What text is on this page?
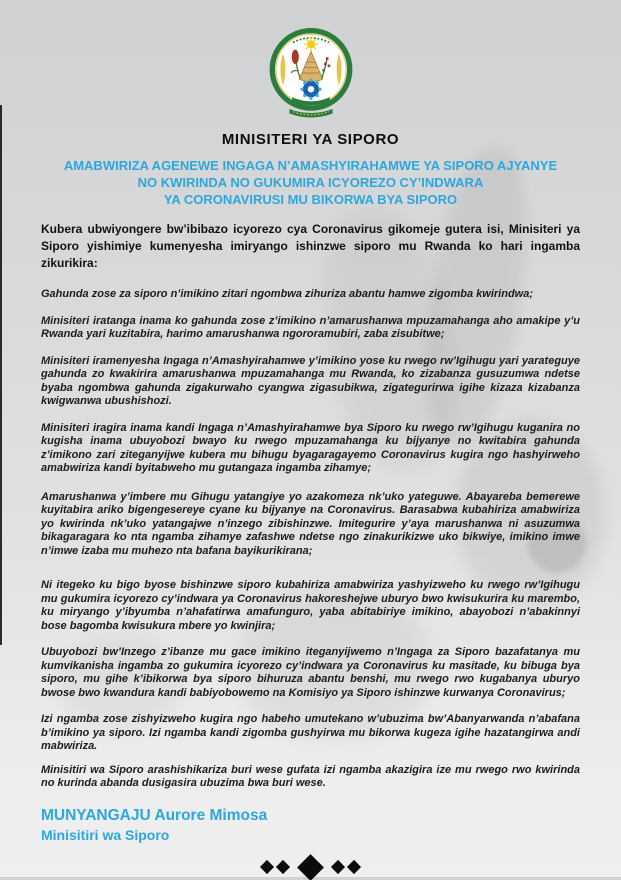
MINISITERI YA SIPORO
AMABWIRIZA AGENEWE INGAGA N’AMASHYIRAHAMWE YA SIPORO AJYANYE
NO KWIRINDA NO GUKUMIRA ICYOREZO CY’INDWARA
YA CORONAVIRUSI MU BIKORWA BYA SIPORO
Kubera ubwiyongere bw’ibibazo icyorezo cya Coronavirus gikomeje gutera isi, Minisiteri ya Siporo yishimiye kumenyesha imiryango ishinzwe siporo mu Rwanda ko hari ingamba zikurikira:
Gahunda zose za siporo n’imikino zitari ngombwa zihuriza abantu hamwe zigomba kwirindwa;
Minisiteri iratanga inama ko gahunda zose z’imikino n’amarushanwa mpuzamahanga aho amakipe y’u Rwanda yari kuzitabira, harimo amarushanwa ngororamubiri, zaba zisubitwe;
Minisiteri iramenyesha Ingaga n’Amashyirahamwe y’imikino yose ku rwego rw’Igihugu yari yarateguye gahunda zo kwakirira amarushanwa mpuzamahanga mu Rwanda, ko zizabanza gusuzumwa ndetse byaba ngombwa gahunda zigakurwaho cyangwa zigasubikwa, zigategurirwa igihe kizaza kizabanza kwigwanwa ubushishozi.
Minisiteri iragira inama kandi Ingaga n’Amashyirahamwe bya Siporo ku rwego rw’Igihugu kuganira no kugisha inama ubuyobozi bwayo ku rwego mpuzamahanga ku bijyanye no kwitabira gahunda z’imikono zari ziteganyijwe kubera mu bihugu byagaragayemo Coronavirus kugira ngo hashyirweho amabwiriza kandi byitabweho mu gutangaza ingamba zihamye;
Amarushanwa y’imbere mu Gihugu yatangiye yo azakomeza nk’uko yateguwe. Abayareba bemerewe kuyitabira ariko bigengesereye cyane ku bijyanye na Coronavirus. Barasabwa kubahiriza amabwiriza yo kwirinda nk’uko yatangajwe n’inzego zibishinzwe. Imitegurire y’aya marushanwa ni asuzumwa bikagaragara ko nta ngamba zihamye zafashwe ndetse ngo zinakurikizwe uko bikwiye, imikino imwe n’imwe izaba mu muhezo nta bafana bayikurikirana;
Ni itegeko ku bigo byose bishinzwe siporo kubahiriza amabwiriza yashyizweho ku rwego rw’Igihugu mu gukumira icyorezo cy’indwara ya Coronavirus hakoreshejwe uburyo bwo kwisukurira ku marembo, ku miryango y’ibyumba n’ahafatirwa amafunguro, yaba abitabiriye imikino, abayobozi n’abakinnyi bose bagomba kwisukura mbere yo kwinjira;
Ubuyobozi bw’Inzego z’ibanze mu gace imikino iteganyijwemo n’Ingaga za Siporo bazafatanya mu kumvikanisha ingamba zo gukumira icyorezo cy’indwara ya Coronavirus ku masitade, ku bibuga bya siporo, mu gihe k’ibikorwa bya siporo bihuruza abantu benshi, mu rwego rwo kugabanya uburyo bwose bwo kwandura kandi babiyobowemo na Komisiyo ya Siporo ishinzwe kurwanya Coronavirus;
Izi ngamba zose zishyizweho kugira ngo habeho umutekano w’ubuzima bw’Abanyarwanda n’abafana b’imikino ya siporo. Izi ngamba kandi zigomba gushyirwa mu bikorwa kugeza igihe hazatangirwa andi mabwiriza.
Minisitiri wa Siporo arashishikariza buri wese gufata izi ngamba akazigira ize mu rwego rwo kwirinda no kurinda abanda dusigasira ubuzima bwa buri wese.
MUNYANGAJU Aurore Mimosa
Minisitiri wa Siporo
